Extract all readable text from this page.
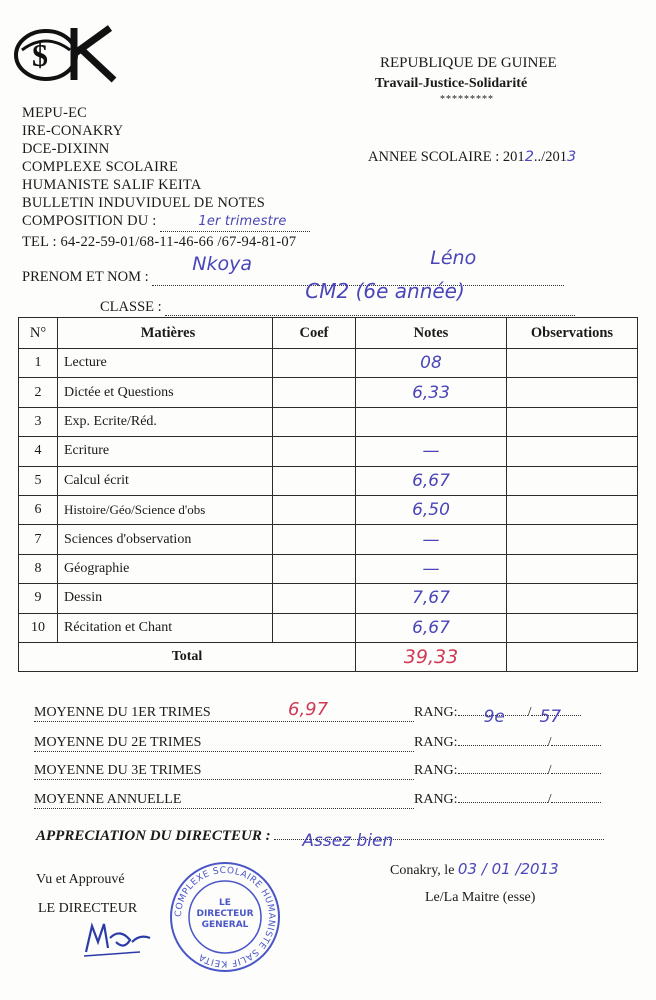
$
MEPU-EC
IRE-CONAKRY
DCE-DIXINN
COMPLEXE SCOLAIRE
HUMANISTE SALIF KEITA
BULLETIN INDUVIDUEL DE NOTES
COMPOSITION DU :	1er trimestre
TEL : 64-22-59-01/68-11-46-66 /67-94-81-07
REPUBLIQUE DE GUINEE
Travail-Justice-Solidarité
*********
ANNEE SCOLAIRE : 2012../2013
PRENOM ET NOM :
Nkoya	Léno
CLASSE :
CM2 (6e année)
N°	Matières	Coef	Notes	Observations
1	Lecture		08	
2	Dictée et Questions		6,33	
3	Exp. Ecrite/Réd.			
4	Ecriture		—	
5	Calcul écrit		6,67	
6	Histoire/Géo/Science d'obs		6,50	
7	Sciences d'observation		—	
8	Géographie		—	
9	Dessin		7,67	
10	Récitation et Chant		6,67	
Total			39,33	
MOYENNE DU 1ER TRIMES	6,97	RANG: 9e / 57
MOYENNE DU 2E TRIMES	RANG:	/
MOYENNE DU 3E TRIMES	RANG:	/
MOYENNE ANNUELLE	RANG:	/
APPRECIATION DU DIRECTEUR : Assez bien
Conakry, le 03 / 01 /2013
Le/La Maitre (esse)
Vu et Approuvé
LE DIRECTEUR	COMPLEXE SCOLAIRE HUMANISTE SALIF KEITA
LE DIRECTEUR GENERAL
